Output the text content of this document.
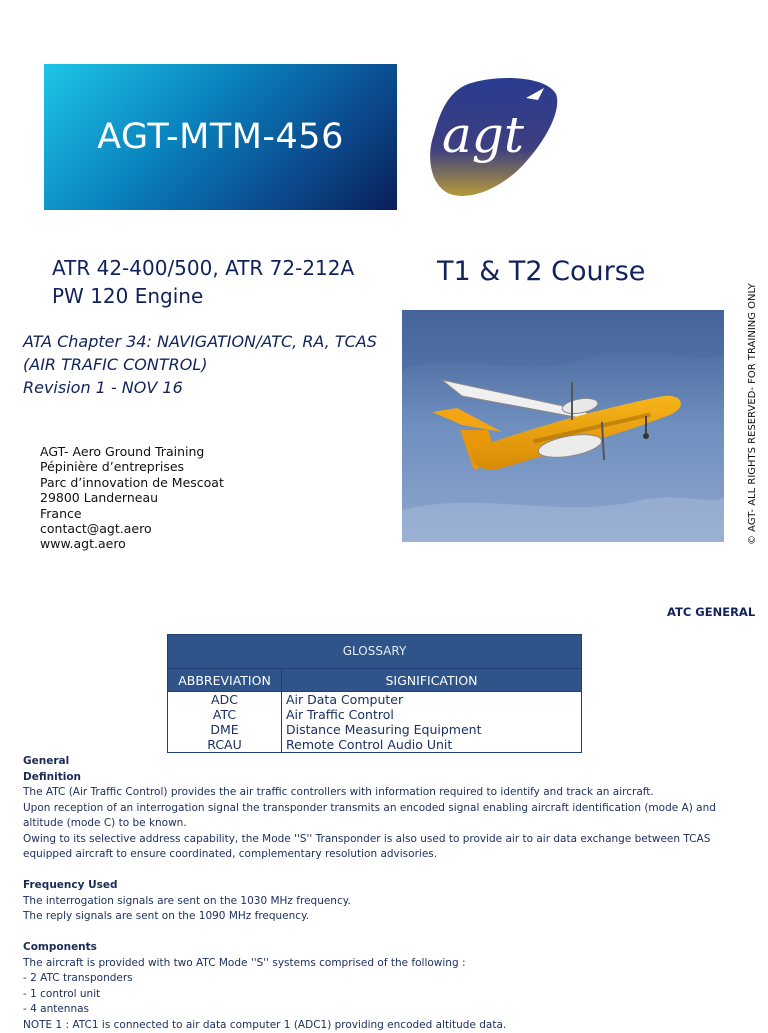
AGT-MTM-456 agt
ATR 42-400/500, ATR 72-212A
PW 120 Engine
T1 & T2 Course
ATA Chapter 34: NAVIGATION/ATC, RA, TCAS
(AIR TRAFIC CONTROL)
Revision 1 - NOV 16
AGT- Aero Ground Training
Pépinière d’entreprises
Parc d’innovation de Mescoat
29800 Landerneau
France
contact@agt.aero
www.agt.aero	© AGT- ALL RIGHTS RESERVED- FOR TRAINING ONLY
ATC GENERAL
GLOSSARY	
ABBREVIATION	SIGNIFICATION
ADC	Air Data Computer
ATC	Air Traffic Control
DME	Distance Measuring Equipment
RCAU	Remote Control Audio Unit

General

Definition

The ATC (Air Traffic Control) provides the air traffic controllers with information required to identify and track an aircraft.

Upon reception of an interrogation signal the transponder transmits an encoded signal enabling aircraft identification (mode A) and altitude (mode C) to be known.

Owing to its selective address capability, the Mode ''S'' Transponder is also used to provide air to air data exchange between TCAS equipped aircraft to ensure coordinated, complementary resolution advisories.

Frequency Used

The interrogation signals are sent on the 1030 MHz frequency.

The reply signals are sent on the 1090 MHz frequency.

Components

The aircraft is provided with two ATC Mode ''S'' systems comprised of the following :

- 2 ATC transponders

- 1 control unit

- 4 antennas

NOTE 1 : ATC1 is connected to air data computer 1 (ADC1) providing encoded altitude data.
